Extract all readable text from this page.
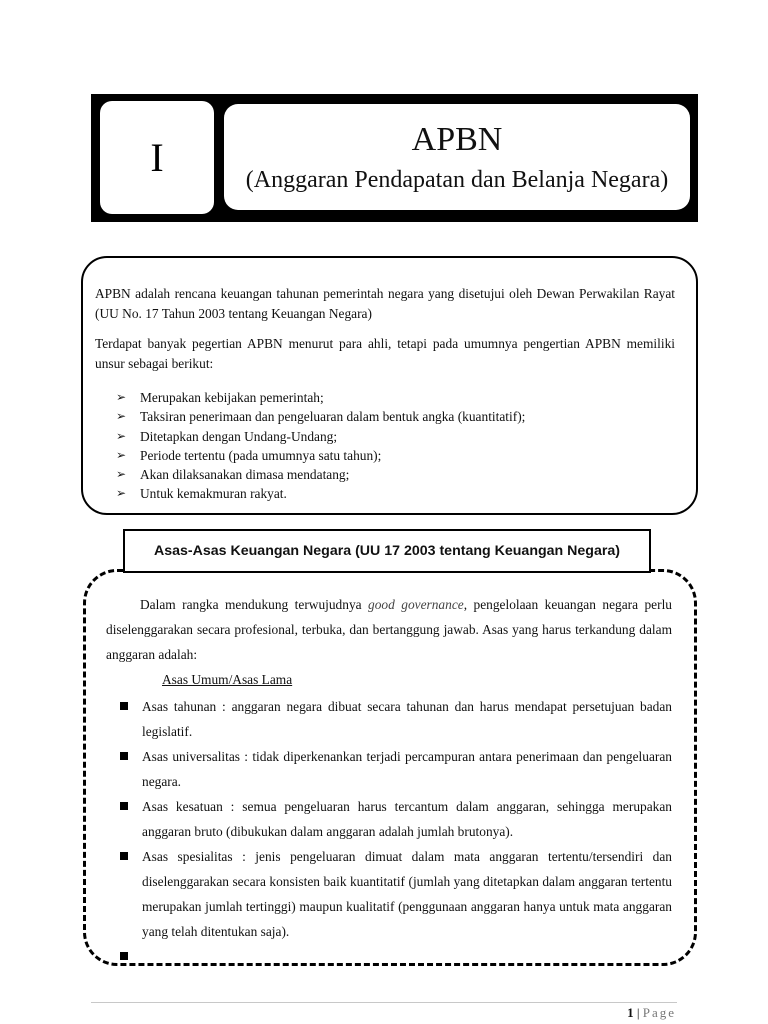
I	APBN
(Anggaran Pendapatan dan Belanja Negara)

APBN adalah rencana keuangan tahunan pemerintah negara yang disetujui oleh Dewan Perwakilan Rayat (UU No. 17 Tahun 2003 tentang Keuangan Negara)

Terdapat banyak pegertian APBN menurut para ahli, tetapi pada umumnya pengertian APBN memiliki unsur sebagai berikut:

➢ Merupakan kebijakan pemerintah;
➢ Taksiran penerimaan dan pengeluaran dalam bentuk angka (kuantitatif);
➢ Ditetapkan dengan Undang-Undang;
➢ Periode tertentu (pada umumnya satu tahun);
➢ Akan dilaksanakan dimasa mendatang;
➢ Untuk kemakmuran rakyat.
Asas-Asas Keuangan Negara (UU 17 2003 tentang Keuangan Negara)

Dalam rangka mendukung terwujudnya good governance, pengelolaan keuangan negara perlu diselenggarakan secara profesional, terbuka, dan bertanggung jawab. Asas yang harus terkandung dalam anggaran adalah:

Asas Umum/Asas Lama

Asas tahunan : anggaran negara dibuat secara tahunan dan harus mendapat persetujuan badan legislatif.
Asas universalitas : tidak diperkenankan terjadi percampuran antara penerimaan dan pengeluaran negara.
Asas kesatuan : semua pengeluaran harus tercantum dalam anggaran, sehingga merupakan anggaran bruto (dibukukan dalam anggaran adalah jumlah brutonya).
Asas spesialitas : jenis pengeluaran dimuat dalam mata anggaran tertentu/tersendiri dan diselenggarakan secara konsisten baik kuantitatif (jumlah yang ditetapkan dalam anggaran tertentu merupakan jumlah tertinggi) maupun kualitatif (penggunaan anggaran hanya untuk mata anggaran yang telah ditentukan saja).
1 | Page
